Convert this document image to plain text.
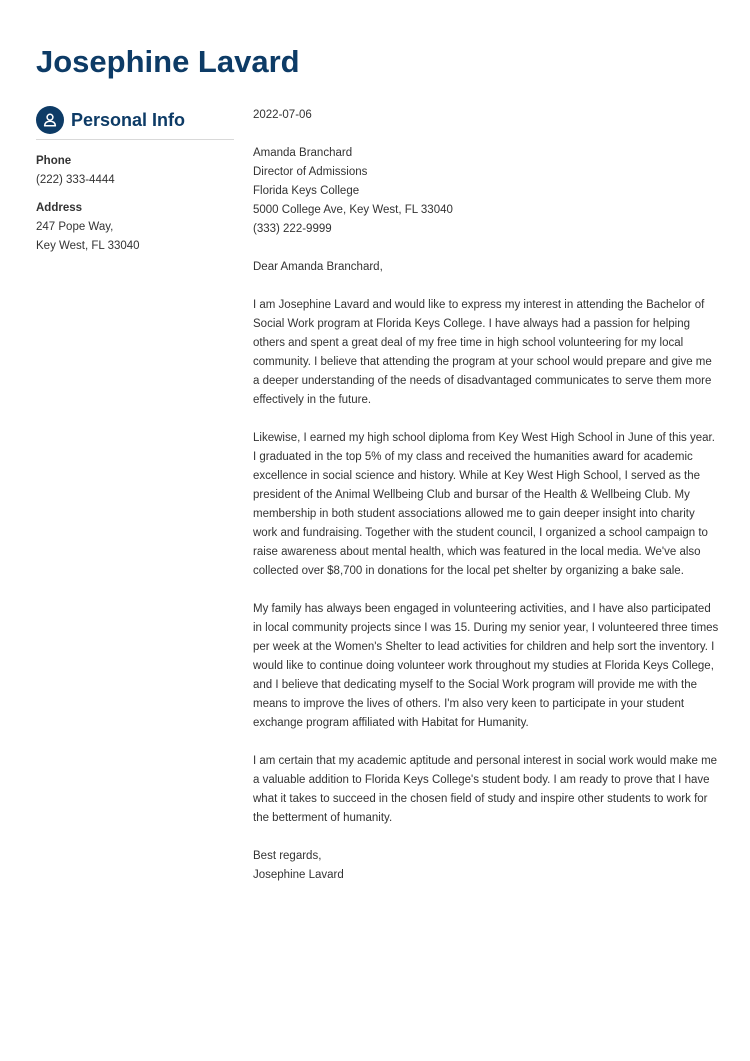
Josephine Lavard
Personal Info
Phone
(222) 333-4444
Address
247 Pope Way,
Key West, FL 33040
2022-07-06
Amanda Branchard
Director of Admissions
Florida Keys College
5000 College Ave, Key West, FL 33040
(333) 222-9999
Dear Amanda Branchard,
I am Josephine Lavard and would like to express my interest in attending the Bachelor of
Social Work program at Florida Keys College. I have always had a passion for helping
others and spent a great deal of my free time in high school volunteering for my local
community. I believe that attending the program at your school would prepare and give me
a deeper understanding of the needs of disadvantaged communicates to serve them more
effectively in the future.
Likewise, I earned my high school diploma from Key West High School in June of this year.
I graduated in the top 5% of my class and received the humanities award for academic
excellence in social science and history. While at Key West High School, I served as the
president of the Animal Wellbeing Club and bursar of the Health & Wellbeing Club. My
membership in both student associations allowed me to gain deeper insight into charity
work and fundraising. Together with the student council, I organized a school campaign to
raise awareness about mental health, which was featured in the local media. We've also
collected over $8,700 in donations for the local pet shelter by organizing a bake sale.
My family has always been engaged in volunteering activities, and I have also participated
in local community projects since I was 15. During my senior year, I volunteered three times
per week at the Women's Shelter to lead activities for children and help sort the inventory. I
would like to continue doing volunteer work throughout my studies at Florida Keys College,
and I believe that dedicating myself to the Social Work program will provide me with the
means to improve the lives of others. I'm also very keen to participate in your student
exchange program affiliated with Habitat for Humanity.
I am certain that my academic aptitude and personal interest in social work would make me
a valuable addition to Florida Keys College's student body. I am ready to prove that I have
what it takes to succeed in the chosen field of study and inspire other students to work for
the betterment of humanity.
Best regards,
Josephine Lavard
